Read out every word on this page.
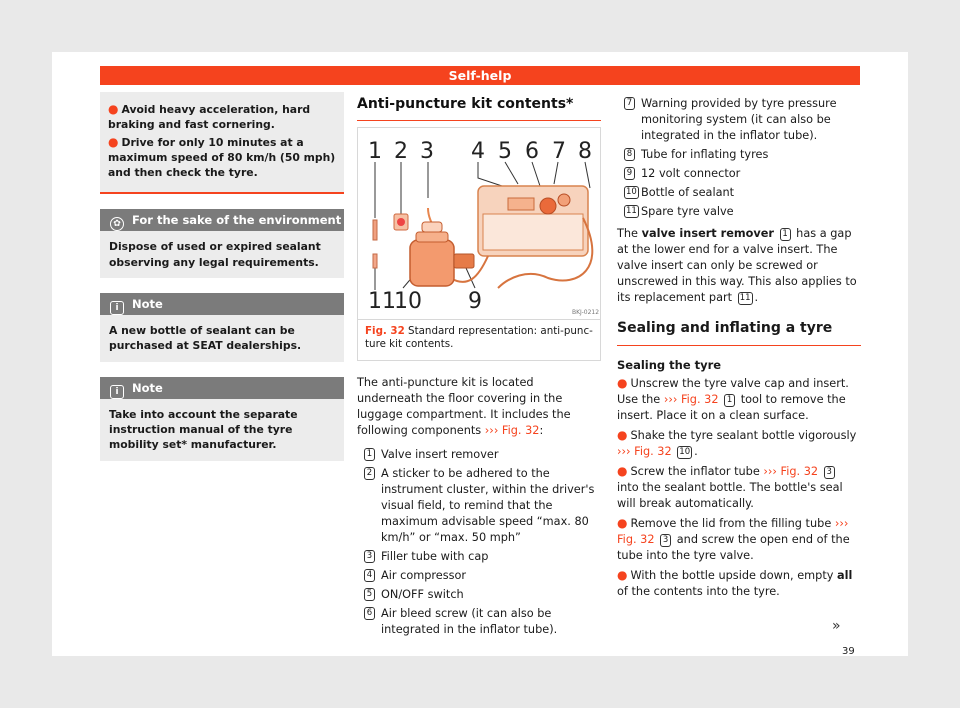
Self-help
● Avoid heavy acceleration, hard braking and fast cornering.
● Drive for only 10 minutes at a maximum speed of 80 km/h (50 mph) and then check the tyre.
✿ For the sake of the environment

Dispose of used or expired sealant observing any legal requirements.

i Note

A new bottle of sealant can be purchased at SEAT dealerships.

i Note

Take into account the separate instruction manual of the tyre mobility set* manufacturer.

Anti-puncture kit contents*
1 2 3 4 5 6 7 8
11
10 9	BKJ-0212
Fig. 32 Standard representation: anti-puncture kit contents.

The anti-puncture kit is located underneath the floor covering in the luggage compartment. It includes the following components ››› Fig. 32:

1 Valve insert remover
2 A sticker to be adhered to the instrument cluster, within the driver's visual field, to remind that the maximum advisable speed “max. 80 km/h” or “max. 50 mph”
3 Filler tube with cap
4 Air compressor
5 ON/OFF switch
6 Air bleed screw (it can also be integrated in the inflator tube).
7 Warning provided by tyre pressure monitoring system (it can also be integrated in the inflator tube).
8 Tube for inflating tyres
9 12 volt connector
10 Bottle of sealant
11 Spare tyre valve

The valve insert remover 1 has a gap at the lower end for a valve insert. The valve insert can only be screwed or unscrewed in this way. This also applies to its replacement part 11 .

Sealing and inflating a tyre
Sealing the tyre
● Unscrew the tyre valve cap and insert. Use the ››› Fig. 32 1 tool to remove the insert. Place it on a clean surface.
● Shake the tyre sealant bottle vigorously ››› Fig. 32 10 .
● Screw the inflator tube ››› Fig. 32 3 into the sealant bottle. The bottle's seal will break automatically.
● Remove the lid from the filling tube ››› Fig. 32 3 and screw the open end of the tube into the tyre valve.
● With the bottle upside down, empty all of the contents into the tyre.
»
39
